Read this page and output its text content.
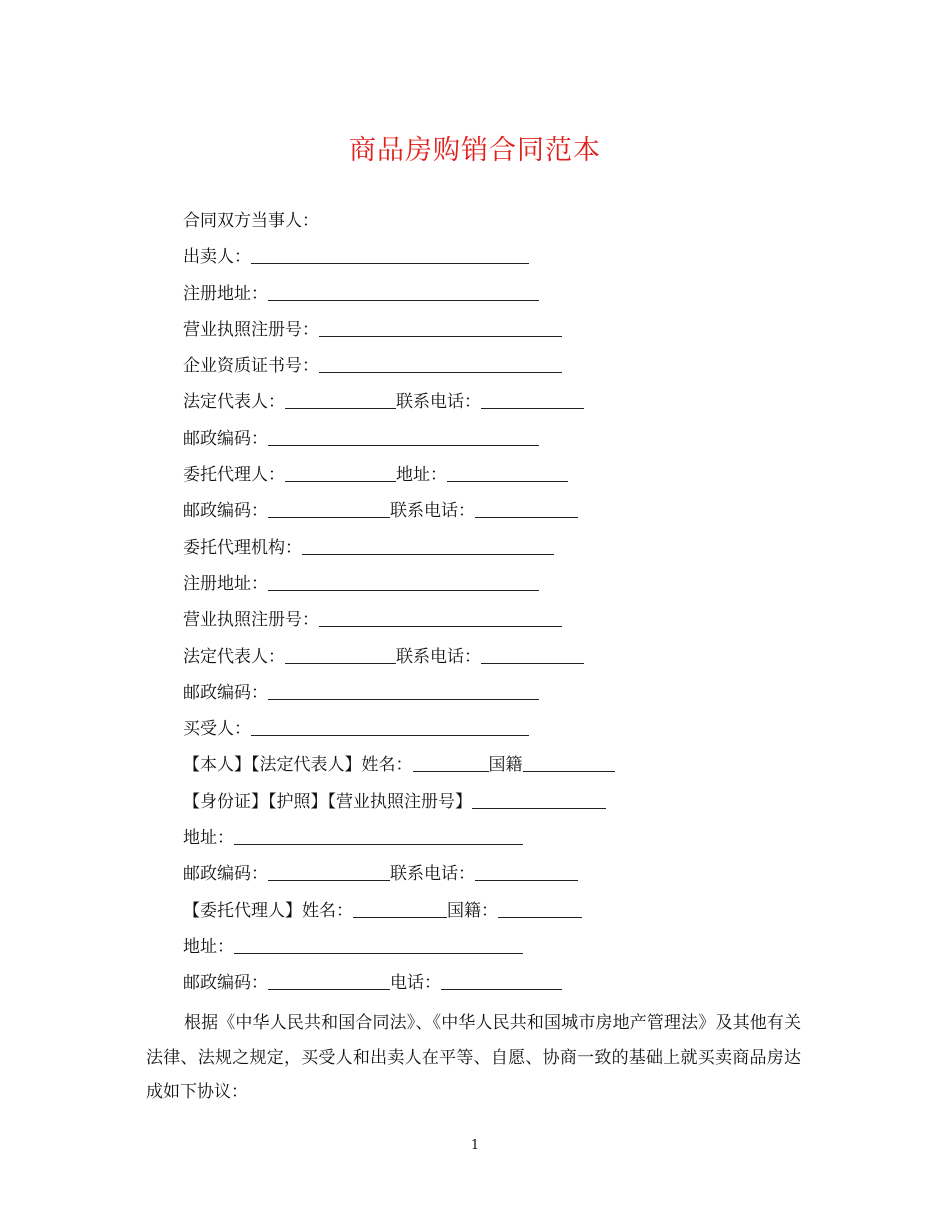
商品房购销合同范本
合同双方当事人：
出卖人：
注册地址：
营业执照注册号：
企业资质证书号：
法定代表人：	联系电话：
邮政编码：
委托代理人：	地址：
邮政编码：	联系电话：
委托代理机构：
注册地址：
营业执照注册号：
法定代表人：	联系电话：
邮政编码：
买受人：
【本人】【法定代表人】姓名：	国籍
【身份证】【护照】【营业执照注册号】
地址：
邮政编码：	联系电话：
【委托代理人】姓名：	国籍：
地址：
邮政编码：	电话：
根据《中华人民共和国合同法》、《中华人民共和国城市房地产管理法》及其他有关法律、法规之规定，买受人和出卖人在平等、自愿、协商一致的基础上就买卖商品房达成如下协议：
1
